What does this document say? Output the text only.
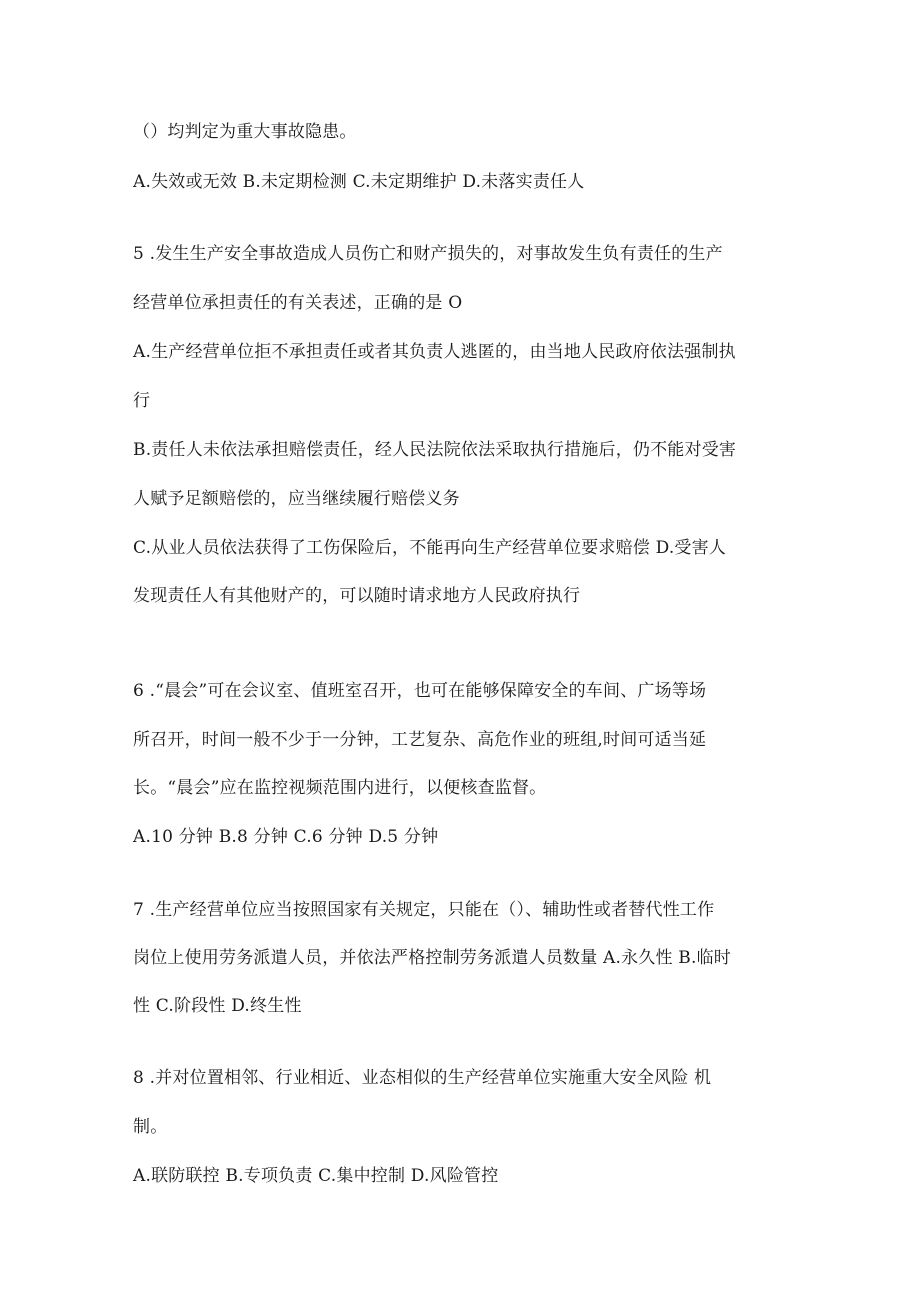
（）均判定为重大事故隐患。
A.失效或无效 B.未定期检测 C.未定期维护 D.未落实责任人
5 .发生生产安全事故造成人员伤亡和财产损失的，对事故发生负有责任的生产
经营单位承担责任的有关表述，正确的是 O
A.生产经营单位拒不承担责任或者其负责人逃匿的，由当地人民政府依法强制执
行
B.责任人未依法承担赔偿责任，经人民法院依法采取执行措施后，仍不能对受害
人赋予足额赔偿的，应当继续履行赔偿义务
C.从业人员依法获得了工伤保险后，不能再向生产经营单位要求赔偿 D.受害人
发现责任人有其他财产的，可以随时请求地方人民政府执行
6 .“晨会”可在会议室、值班室召开，也可在能够保障安全的车间、广场等场
所召开，时间一般不少于一分钟，工艺复杂、高危作业的班组,时间可适当延
长。“晨会”应在监控视频范围内进行，以便核查监督。
A.10 分钟 B.8 分钟 C.6 分钟 D.5 分钟
7 .生产经营单位应当按照国家有关规定，只能在（）、辅助性或者替代性工作
岗位上使用劳务派遣人员，并依法严格控制劳务派遣人员数量 A.永久性 B.临时
性 C.阶段性 D.终生性
8 .并对位置相邻、行业相近、业态相似的生产经营单位实施重大安全风险 机
制。
A.联防联控 B.专项负责 C.集中控制 D.风险管控
